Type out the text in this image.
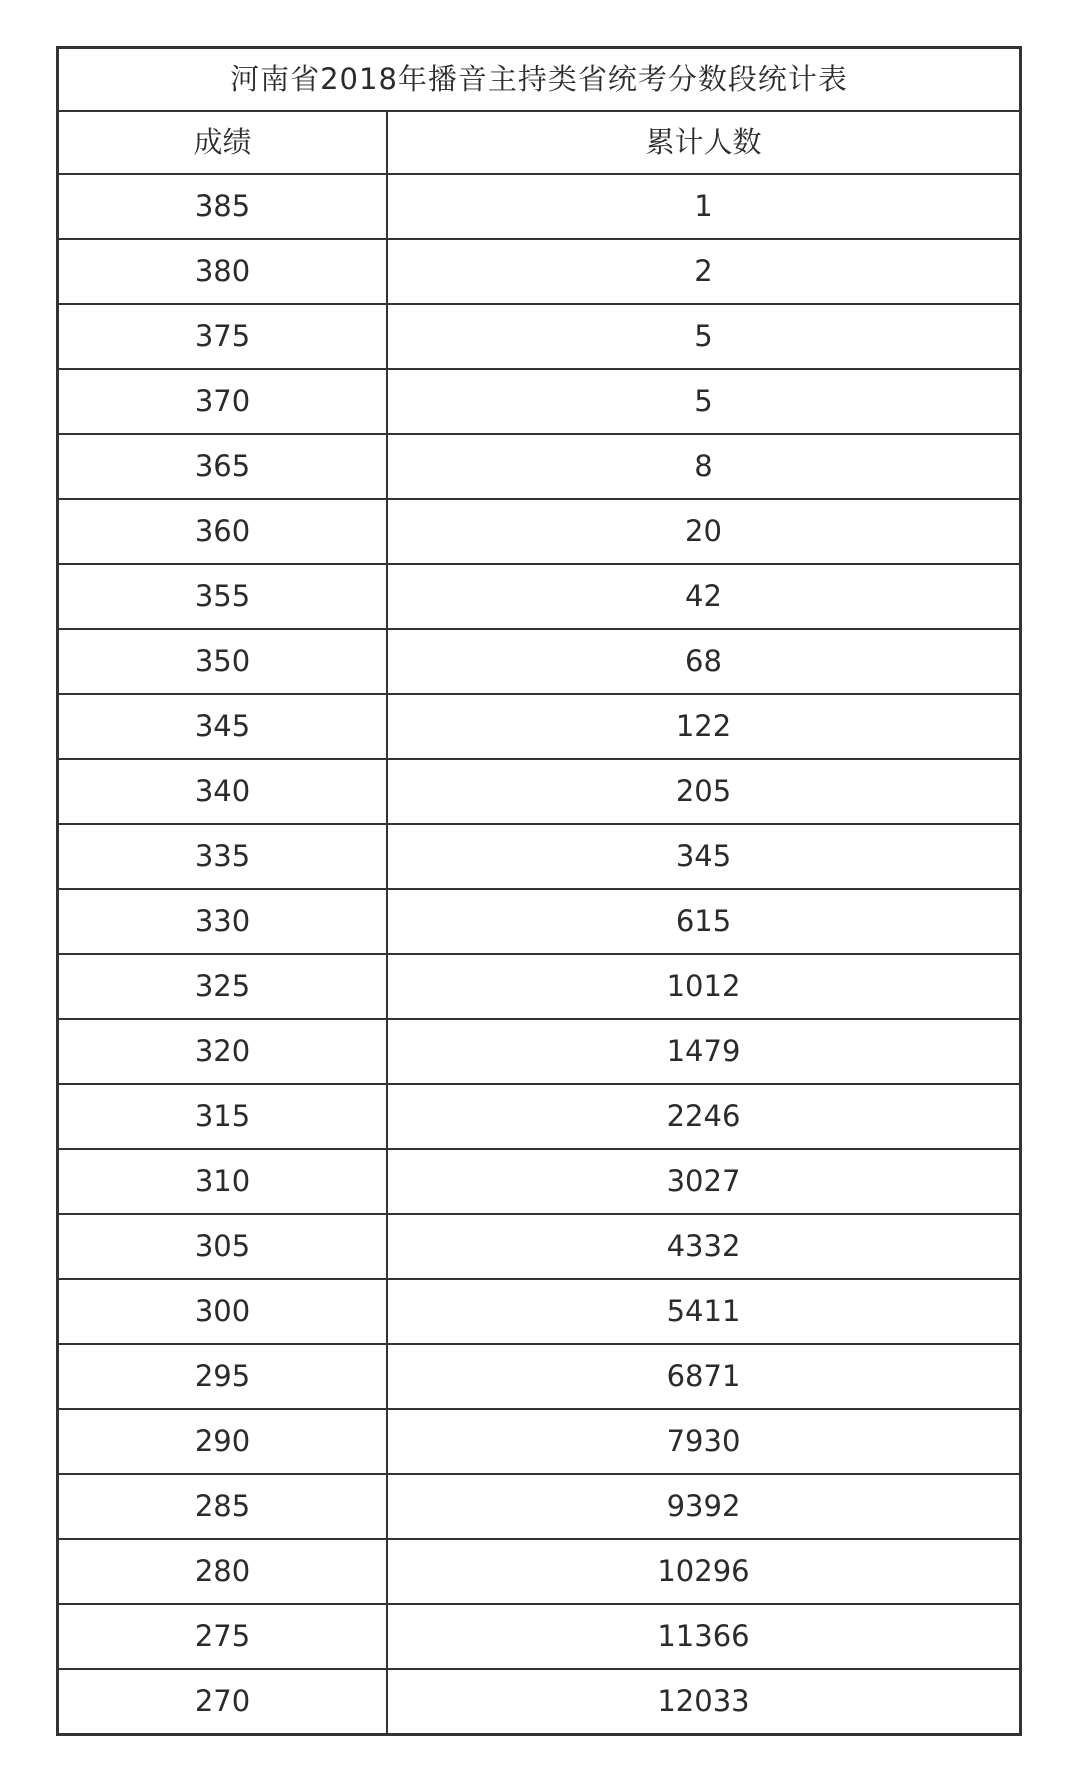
河南省2018年播音主持类省统考分数段统计表	
成绩	累计人数
385	1
380	2
375	5
370	5
365	8
360	20
355	42
350	68
345	122
340	205
335	345
330	615
325	1012
320	1479
315	2246
310	3027
305	4332
300	5411
295	6871
290	7930
285	9392
280	10296
275	11366
270	12033
